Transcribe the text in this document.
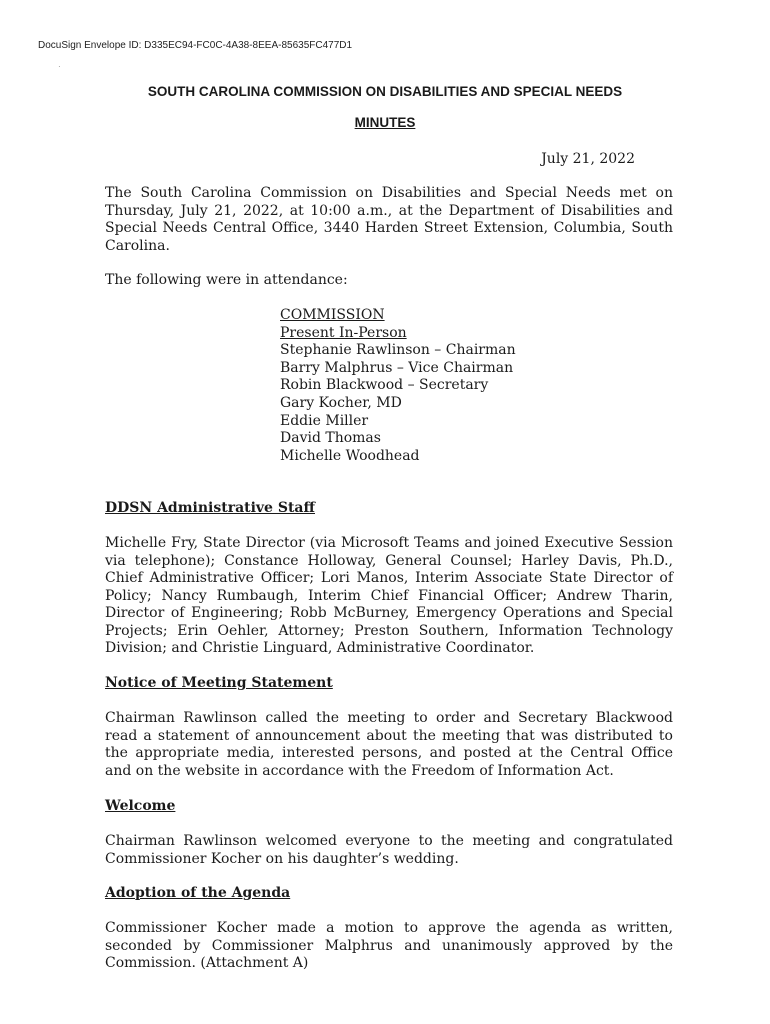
DocuSign Envelope ID: D335EC94-FC0C-4A38-8EEA-85635FC477D1
·
SOUTH CAROLINA COMMISSION ON DISABILITIES AND SPECIAL NEEDS
MINUTES
July 21, 2022
The South Carolina Commission on Disabilities and Special Needs met on Thursday, July 21, 2022, at 10:00 a.m., at the Department of Disabilities and Special Needs Central Office, 3440 Harden Street Extension, Columbia, South Carolina.
The following were in attendance:
COMMISSION
Present In-Person
Stephanie Rawlinson – Chairman
Barry Malphrus – Vice Chairman
Robin Blackwood – Secretary
Gary Kocher, MD
Eddie Miller
David Thomas
Michelle Woodhead
DDSN Administrative Staff
Michelle Fry, State Director (via Microsoft Teams and joined Executive Session via telephone); Constance Holloway, General Counsel; Harley Davis, Ph.D., Chief Administrative Officer; Lori Manos, Interim Associate State Director of Policy; Nancy Rumbaugh, Interim Chief Financial Officer; Andrew Tharin, Director of Engineering; Robb McBurney, Emergency Operations and Special Projects; Erin Oehler, Attorney; Preston Southern, Information Technology Division; and Christie Linguard, Administrative Coordinator.
Notice of Meeting Statement
Chairman Rawlinson called the meeting to order and Secretary Blackwood read a statement of announcement about the meeting that was distributed to the appropriate media, interested persons, and posted at the Central Office and on the website in accordance with the Freedom of Information Act.
Welcome
Chairman Rawlinson welcomed everyone to the meeting and congratulated Commissioner Kocher on his daughter’s wedding.
Adoption of the Agenda
Commissioner Kocher made a motion to approve the agenda as written, seconded by Commissioner Malphrus and unanimously approved by the Commission. (Attachment A)
